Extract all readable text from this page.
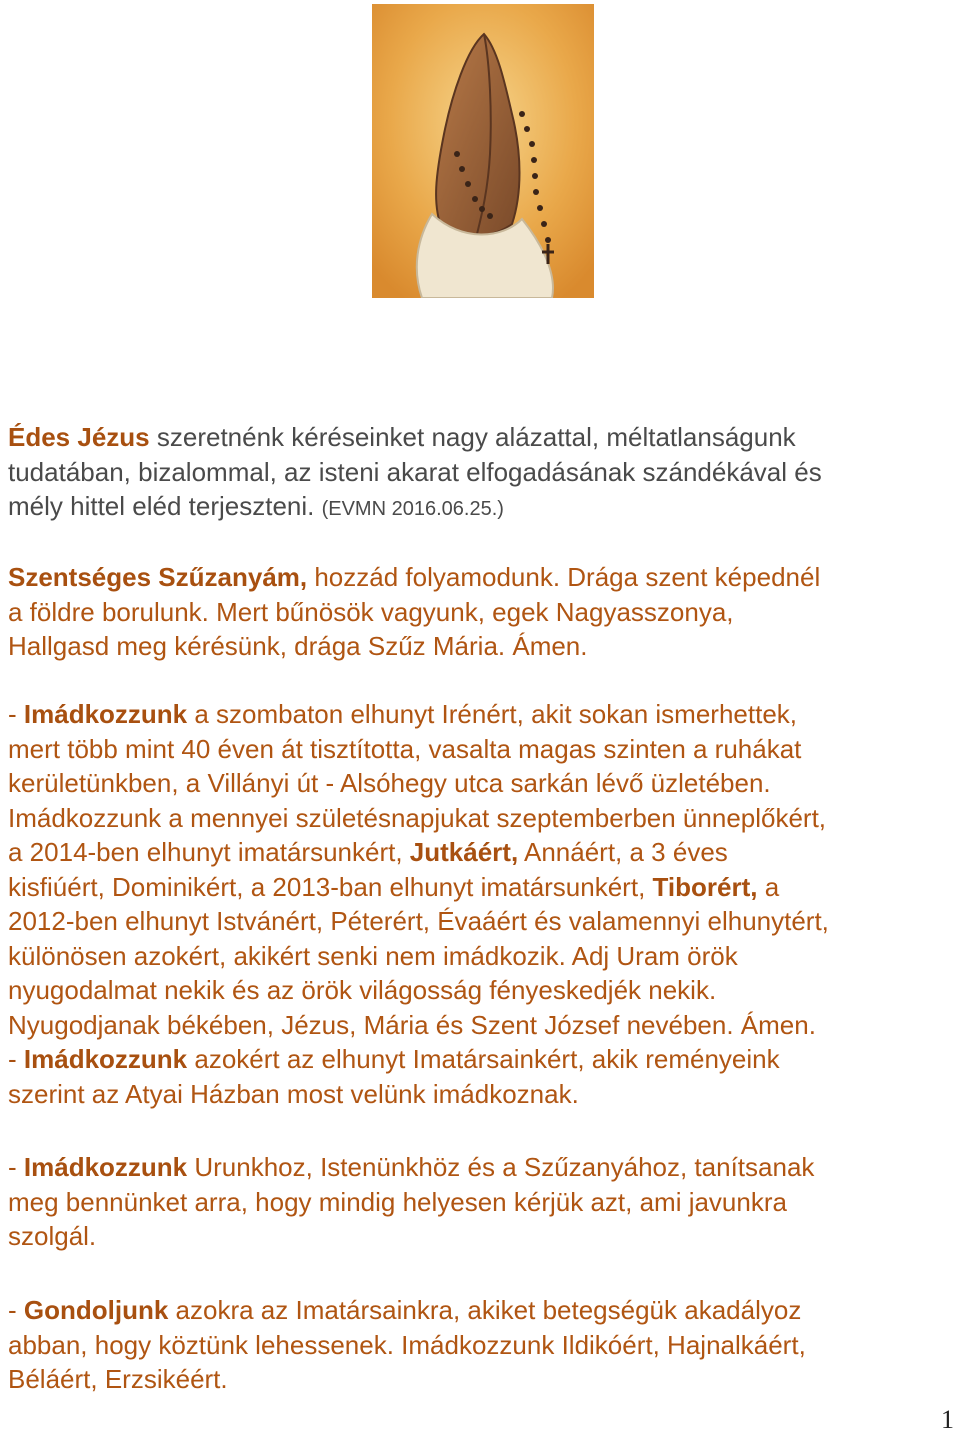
Édes Jézus szeretnénk kéréseinket nagy alázattal, méltatlanságunk
tudatában, bizalommal, az isteni akarat elfogadásának szándékával és
mély hittel eléd terjeszteni. (EVMN 2016.06.25.)

Szentséges Szűzanyám, hozzád folyamodunk. Drága szent képednél
a földre borulunk. Mert bűnösök vagyunk, egek Nagyasszonya,
Hallgasd meg kérésünk, drága Szűz Mária. Ámen.

- Imádkozzunk a szombaton elhunyt Irénért, akit sokan ismerhettek,
mert több mint 40 éven át tisztította, vasalta magas szinten a ruhákat
kerületünkben, a Villányi út - Alsóhegy utca sarkán lévő üzletében.
Imádkozzunk a mennyei születésnapjukat szeptemberben ünneplőkért,
a 2014-ben elhunyt imatársunkért, Jutkáért, Annáért, a 3 éves
kisfiúért, Dominikért, a 2013-ban elhunyt imatársunkért, Tiborért, a
2012-ben elhunyt Istvánért, Péterért, Évaáért és valamennyi elhunytért,
különösen azokért, akikért senki nem imádkozik. Adj Uram örök
nyugodalmat nekik és az örök világosság fényeskedjék nekik.
Nyugodjanak békében, Jézus, Mária és Szent József nevében. Ámen.
- Imádkozzunk azokért az elhunyt Imatársainkért, akik reményeink
szerint az Atyai Házban most velünk imádkoznak.

- Imádkozzunk Urunkhoz, Istenünkhöz és a Szűzanyához, tanítsanak
meg bennünket arra, hogy mindig helyesen kérjük azt, ami javunkra
szolgál.

- Gondoljunk azokra az Imatársainkra, akiket betegségük akadályoz
abban, hogy köztünk lehessenek. Imádkozzunk Ildikóért, Hajnalkáért,
Béláért, Erzsikéért.

1
